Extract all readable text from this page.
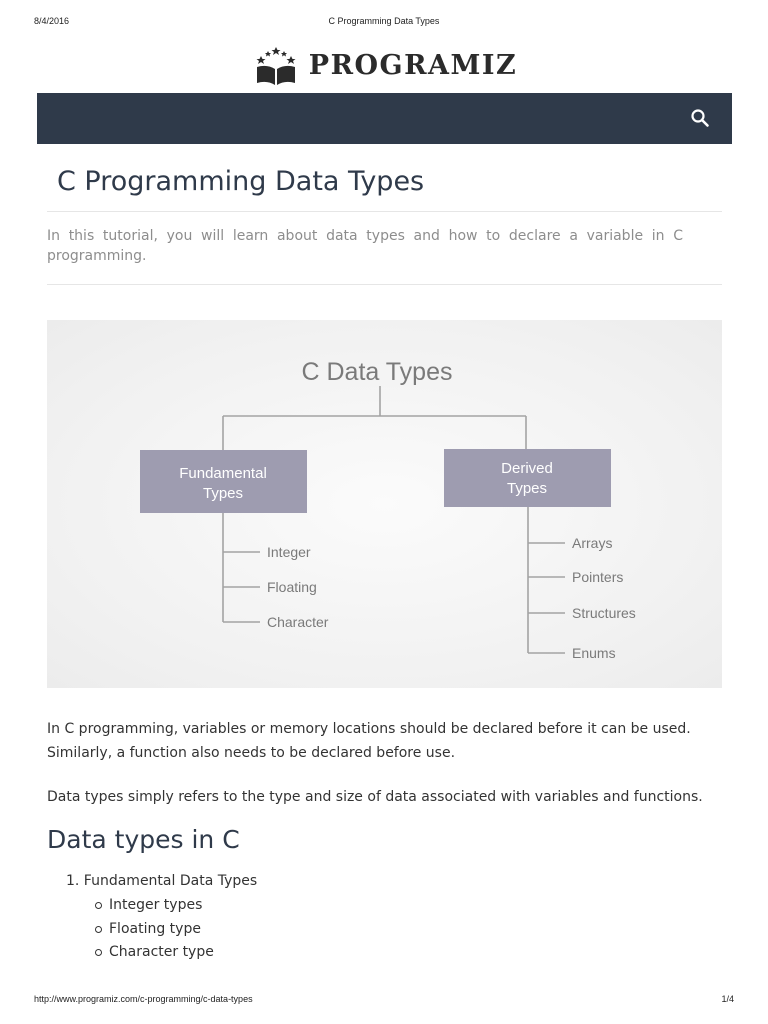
8/4/2016	C Programming Data Types
PROGRAMIZ
C Programming Data Types

In this tutorial, you will learn about data types and how to declare a variable in C programming.

C Data Types
Fundamental
Types
Derived
Types
Integer
Floating
Character
Arrays
Pointers
Structures
Enums

In C programming, variables or memory locations should be declared before it can be used. Similarly, a function also needs to be declared before use.

Data types simply refers to the type and size of data associated with variables and functions.

Data types in C
1. Fundamental Data Types
Integer types
Floating type
Character type
http://www.programiz.com/c-programming/c-data-types	1/4
